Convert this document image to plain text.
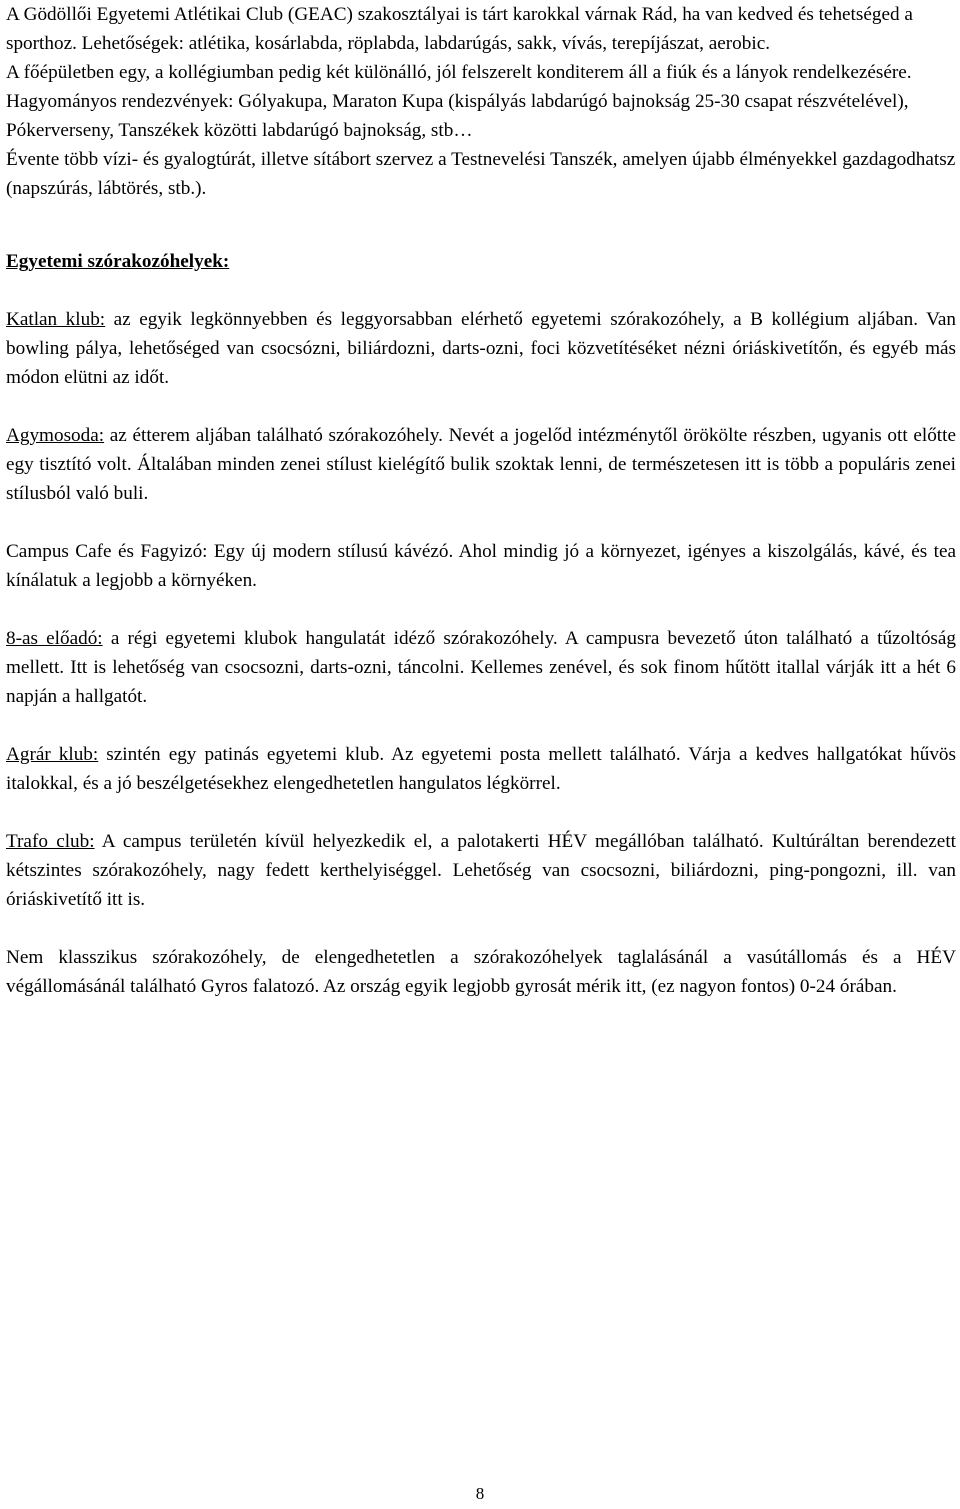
A Gödöllői Egyetemi Atlétikai Club (GEAC) szakosztályai is tárt karokkal várnak Rád, ha van kedved és tehetséged a sporthoz. Lehetőségek: atlétika, kosárlabda, röplabda, labdarúgás, sakk, vívás, terepíjászat, aerobic.

A főépületben egy, a kollégiumban pedig két különálló, jól felszerelt konditerem áll a fiúk és a lányok rendelkezésére.

Hagyományos rendezvények: Gólyakupa, Maraton Kupa (kispályás labdarúgó bajnokság 25-30 csapat részvételével), Pókerverseny, Tanszékek közötti labdarúgó bajnokság, stb…

Évente több vízi- és gyalogtúrát, illetve sítábort szervez a Testnevelési Tanszék, amelyen újabb élményekkel gazdagodhatsz (napszúrás, lábtörés, stb.).

Egyetemi szórakozóhelyek:

Katlan klub: az egyik legkönnyebben és leggyorsabban elérhető egyetemi szórakozóhely, a B kollégium aljában. Van bowling pálya, lehetőséged van csocsózni, biliárdozni, darts-ozni, foci közvetítéséket nézni óriáskivetítőn, és egyéb más módon elütni az időt.

Agymosoda: az étterem aljában található szórakozóhely. Nevét a jogelőd intézménytől örökölte részben, ugyanis ott előtte egy tisztító volt. Általában minden zenei stílust kielégítő bulik szoktak lenni, de természetesen itt is több a populáris zenei stílusból való buli.

Campus Cafe és Fagyizó: Egy új modern stílusú kávézó. Ahol mindig jó a környezet, igényes a kiszolgálás, kávé, és tea kínálatuk a legjobb a környéken.

8-as előadó: a régi egyetemi klubok hangulatát idéző szórakozóhely. A campusra bevezető úton található a tűzoltóság mellett. Itt is lehetőség van csocsozni, darts-ozni, táncolni. Kellemes zenével, és sok finom hűtött itallal várják itt a hét 6 napján a hallgatót.

Agrár klub: szintén egy patinás egyetemi klub. Az egyetemi posta mellett található. Várja a kedves hallgatókat hűvös italokkal, és a jó beszélgetésekhez elengedhetetlen hangulatos légkörrel.

Trafo club: A campus területén kívül helyezkedik el, a palotakerti HÉV megállóban található. Kultúráltan berendezett kétszintes szórakozóhely, nagy fedett kerthelyiséggel. Lehetőség van csocsozni, biliárdozni, ping-pongozni, ill. van óriáskivetítő itt is.

Nem klasszikus szórakozóhely, de elengedhetetlen a szórakozóhelyek taglalásánál a vasútállomás és a HÉV végállomásánál található Gyros falatozó. Az ország egyik legjobb gyrosát mérik itt, (ez nagyon fontos) 0-24 órában.

8
